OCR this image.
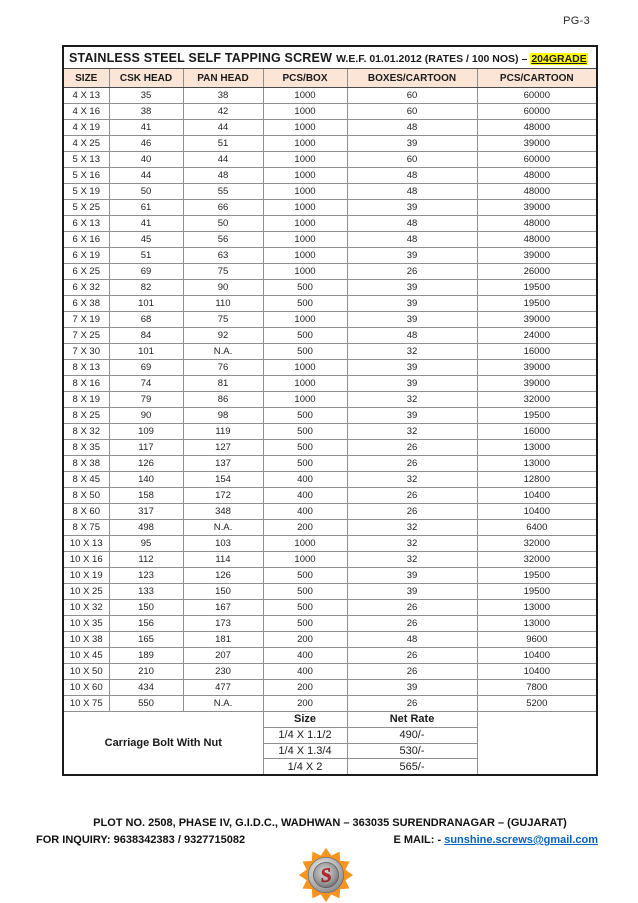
PG-3
STAINLESS STEEL SELF TAPPING SCREW W.E.F. 01.01.2012 (RATES / 100 NOS) – 204GRADE					
SIZE	CSK HEAD	PAN HEAD	PCS/BOX	BOXES/CARTOON	PCS/CARTOON
4 X 13	35	38	1000	60	60000
4 X 16	38	42	1000	60	60000
4 X 19	41	44	1000	48	48000
4 X 25	46	51	1000	39	39000
5 X 13	40	44	1000	60	60000
5 X 16	44	48	1000	48	48000
5 X 19	50	55	1000	48	48000
5 X 25	61	66	1000	39	39000
6 X 13	41	50	1000	48	48000
6 X 16	45	56	1000	48	48000
6 X 19	51	63	1000	39	39000
6 X 25	69	75	1000	26	26000
6 X 32	82	90	500	39	19500
6 X 38	101	110	500	39	19500
7 X 19	68	75	1000	39	39000
7 X 25	84	92	500	48	24000
7 X 30	101	N.A.	500	32	16000
8 X 13	69	76	1000	39	39000
8 X 16	74	81	1000	39	39000
8 X 19	79	86	1000	32	32000
8 X 25	90	98	500	39	19500
8 X 32	109	119	500	32	16000
8 X 35	117	127	500	26	13000
8 X 38	126	137	500	26	13000
8 X 45	140	154	400	32	12800
8 X 50	158	172	400	26	10400
8 X 60	317	348	400	26	10400
8 X 75	498	N.A.	200	32	6400
10 X 13	95	103	1000	32	32000
10 X 16	112	114	1000	32	32000
10 X 19	123	126	500	39	19500
10 X 25	133	150	500	39	19500
10 X 32	150	167	500	26	13000
10 X 35	156	173	500	26	13000
10 X 38	165	181	200	48	9600
10 X 45	189	207	400	26	10400
10 X 50	210	230	400	26	10400
10 X 60	434	477	200	39	7800
10 X 75	550	N.A.	200	26	5200
Carriage Bolt With Nut			Size	Net Rate	
			1/4 X 1.1/2	490/-	
			1/4 X 1.3/4	530/-	
			1/4 X 2	565/-	
PLOT NO. 2508, PHASE IV, G.I.D.C., WADHWAN – 363035 SURENDRANAGAR – (GUJARAT)
FOR INQUIRY: 9638342383 / 9327715082	E MAIL: - sunshine.screws@gmail.com
S
